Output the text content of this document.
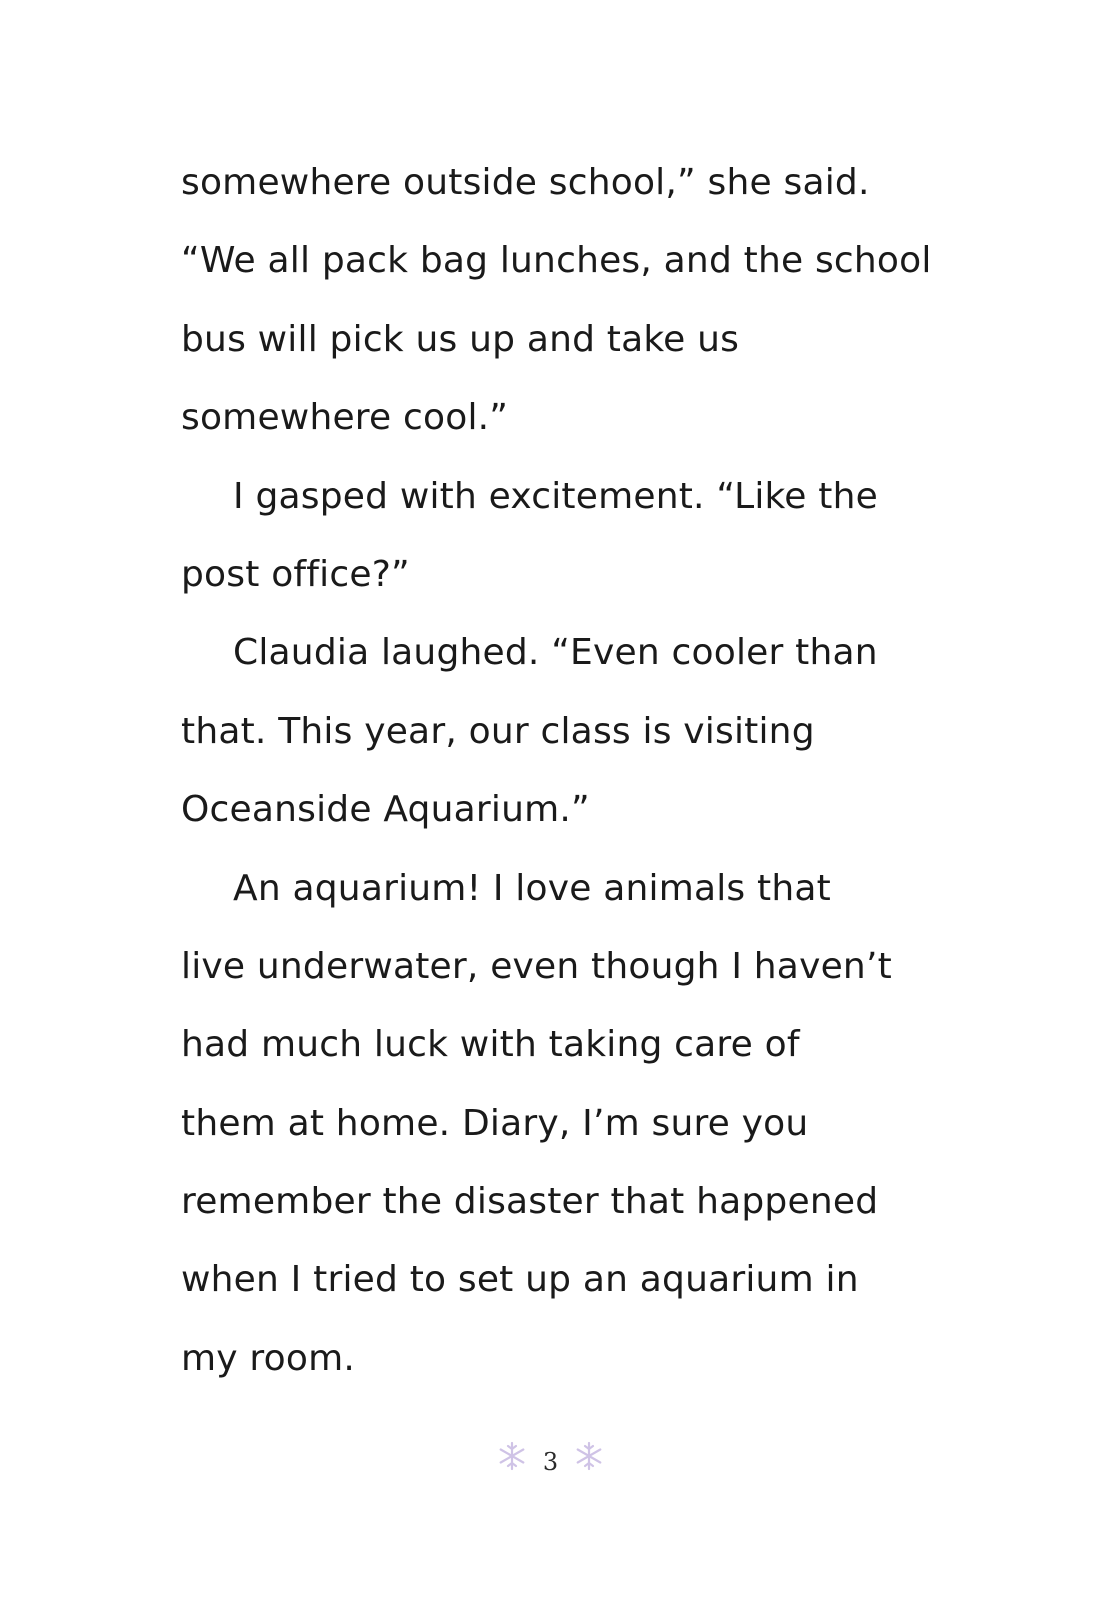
somewhere outside school,” she said.
“We all pack bag lunches, and the school
bus will pick us up and take us
somewhere cool.”
I gasped with excitement. “Like the
post office?”
Claudia laughed. “Even cooler than
that. This year, our class is visiting
Oceanside Aquarium.”
An aquarium! I love animals that
live underwater, even though I haven’t
had much luck with taking care of
them at home. Diary, I’m sure you
remember the disaster that happened
when I tried to set up an aquarium in
my room.
3
